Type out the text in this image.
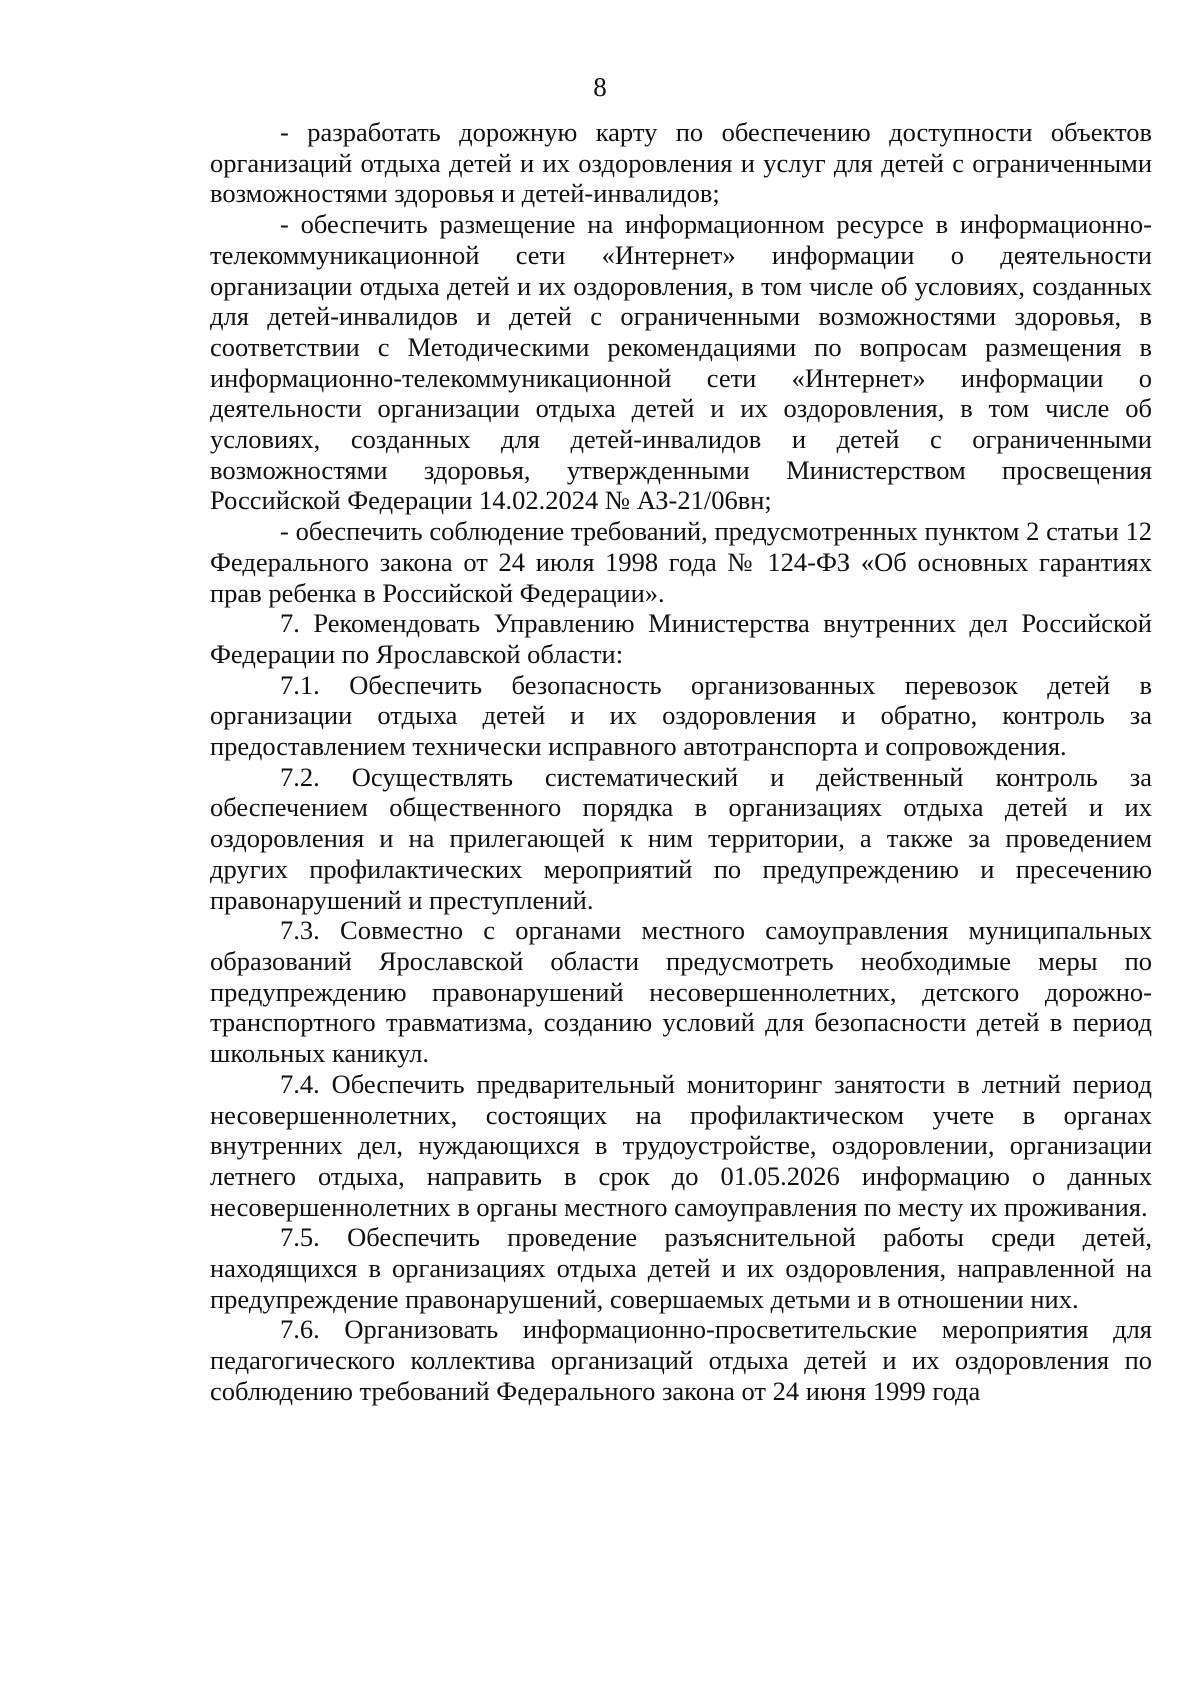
8

- разработать дорожную карту по обеспечению доступности объектов организаций отдыха детей и их оздоровления и услуг для детей с ограниченными возможностями здоровья и детей-инвалидов;

- обеспечить размещение на информационном ресурсе в информационно-телекоммуникационной сети «Интернет» информации о деятельности организации отдыха детей и их оздоровления, в том числе об условиях, созданных для детей-инвалидов и детей с ограниченными возможностями здоровья, в соответствии с Методическими рекомендациями по вопросам размещения в информационно-телекоммуникационной сети «Интернет» информации о деятельности организации отдыха детей и их оздоровления, в том числе об условиях, созданных для детей-инвалидов и детей с ограниченными возможностями здоровья, утвержденными Министерством просвещения Российской Федерации 14.02.2024 № АЗ-21/06вн;

- обеспечить соблюдение требований, предусмотренных пунктом 2 статьи 12 Федерального закона от 24 июля 1998 года № 124-ФЗ «Об основных гарантиях прав ребенка в Российской Федерации».

7. Рекомендовать Управлению Министерства внутренних дел Российской Федерации по Ярославской области:

7.1. Обеспечить безопасность организованных перевозок детей в организации отдыха детей и их оздоровления и обратно, контроль за предоставлением технически исправного автотранспорта и сопровождения.

7.2. Осуществлять систематический и действенный контроль за обеспечением общественного порядка в организациях отдыха детей и их оздоровления и на прилегающей к ним территории, а также за проведением других профилактических мероприятий по предупреждению и пресечению правонарушений и преступлений.

7.3. Совместно с органами местного самоуправления муниципальных образований Ярославской области предусмотреть необходимые меры по предупреждению правонарушений несовершеннолетних, детского дорожно-транспортного травматизма, созданию условий для безопасности детей в период школьных каникул.

7.4. Обеспечить предварительный мониторинг занятости в летний период несовершеннолетних, состоящих на профилактическом учете в органах внутренних дел, нуждающихся в трудоустройстве, оздоровлении, организации летнего отдыха, направить в срок до 01.05.2026 информацию о данных несовершеннолетних в органы местного самоуправления по месту их проживания.

7.5. Обеспечить проведение разъяснительной работы среди детей, находящихся в организациях отдыха детей и их оздоровления, направленной на предупреждение правонарушений, совершаемых детьми и в отношении них.

7.6. Организовать информационно-просветительские мероприятия для педагогического коллектива организаций отдыха детей и их оздоровления по соблюдению требований Федерального закона от 24 июня 1999 года
